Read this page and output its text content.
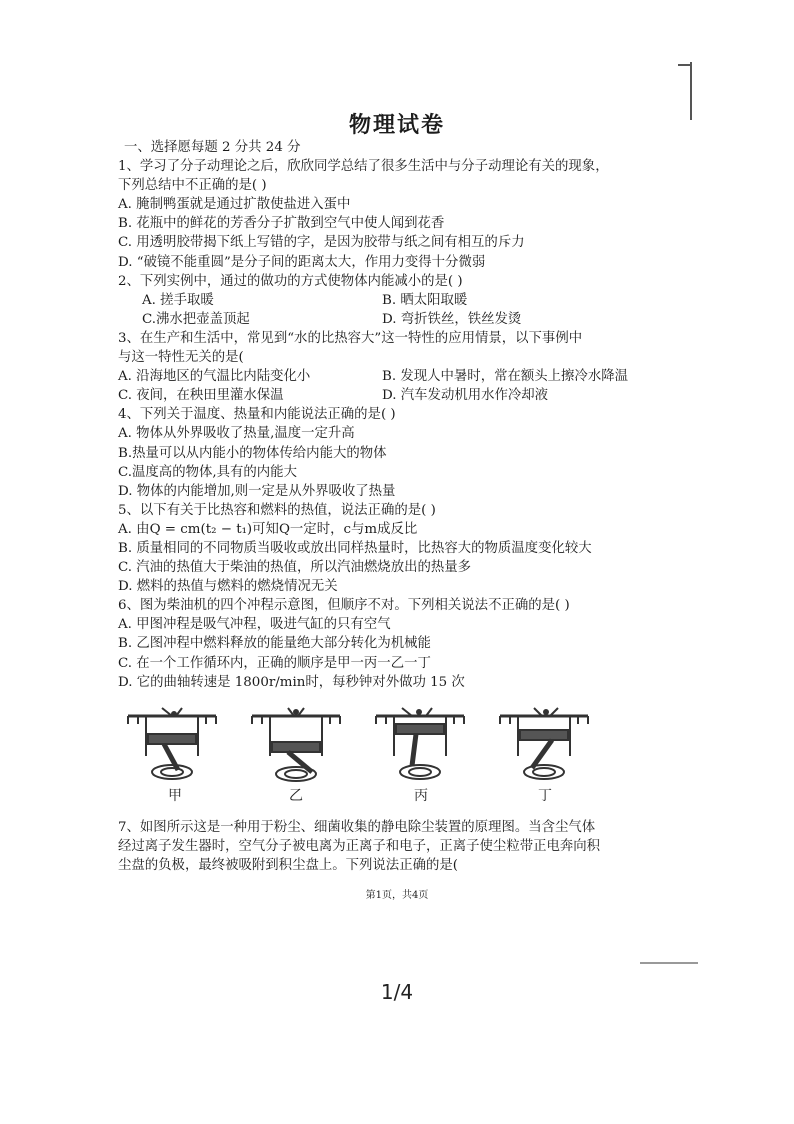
物理试卷
一、选择愿每题 2 分共 24 分
1、学习了分子动理论之后，欣欣同学总结了很多生活中与分子动理论有关的现象，
下列总结中不正确的是( )
A. 腌制鸭蛋就是通过扩散使盐进入蛋中
B. 花瓶中的鲜花的芳香分子扩散到空气中使人闻到花香
C. 用透明胶带揭下纸上写错的字，是因为胶带与纸之间有相互的斥力
D. “破镜不能重圆”是分子间的距离太大，作用力变得十分微弱
2、下列实例中，通过的做功的方式使物体内能减小的是( )
A. 搓手取暖	B. 晒太阳取暖
C.沸水把壶盖顶起	D. 弯折铁丝，铁丝发烫
3、在生产和生活中，常见到“水的比热容大”这一特性的应用情景，以下事例中
与这一特性无关的是(
A. 沿海地区的气温比内陆变化小	B. 发现人中暑时，常在额头上擦冷水降温
C. 夜间，在秧田里灌水保温	D. 汽车发动机用水作冷却液
4、下列关于温度、热量和内能说法正确的是( )
A. 物体从外界吸收了热量,温度一定升高
B.热量可以从内能小的物体传给内能大的物体
C.温度高的物体,具有的内能大
D. 物体的内能增加,则一定是从外界吸收了热量
5、以下有关于比热容和燃料的热值，说法正确的是( )
A. 由Q = cm(t₂ − t₁)可知Q一定时，c与m成反比
B. 质量相同的不同物质当吸收或放出同样热量时，比热容大的物质温度变化较大
C. 汽油的热值大于柴油的热值，所以汽油燃烧放出的热量多
D. 燃料的热值与燃料的燃烧情况无关
6、图为柴油机的四个冲程示意图，但顺序不对。下列相关说法不正确的是( )
A. 甲图冲程是吸气冲程，吸进气缸的只有空气
B. 乙图冲程中燃料释放的能量绝大部分转化为机械能
C. 在一个工作循环内，正确的顺序是甲一丙一乙一丁
D. 它的曲轴转速是 1800r/min时，每秒钟对外做功 15 次
甲	乙	丙	丁
7、如图所示这是一种用于粉尘、细菌收集的静电除尘装置的原理图。当含尘气体
经过离子发生器时，空气分子被电离为正离子和电子，正离子使尘粒带正电奔向积
尘盘的负极，最终被吸附到积尘盘上。下列说法正确的是(
第1页，共4页
1/4
